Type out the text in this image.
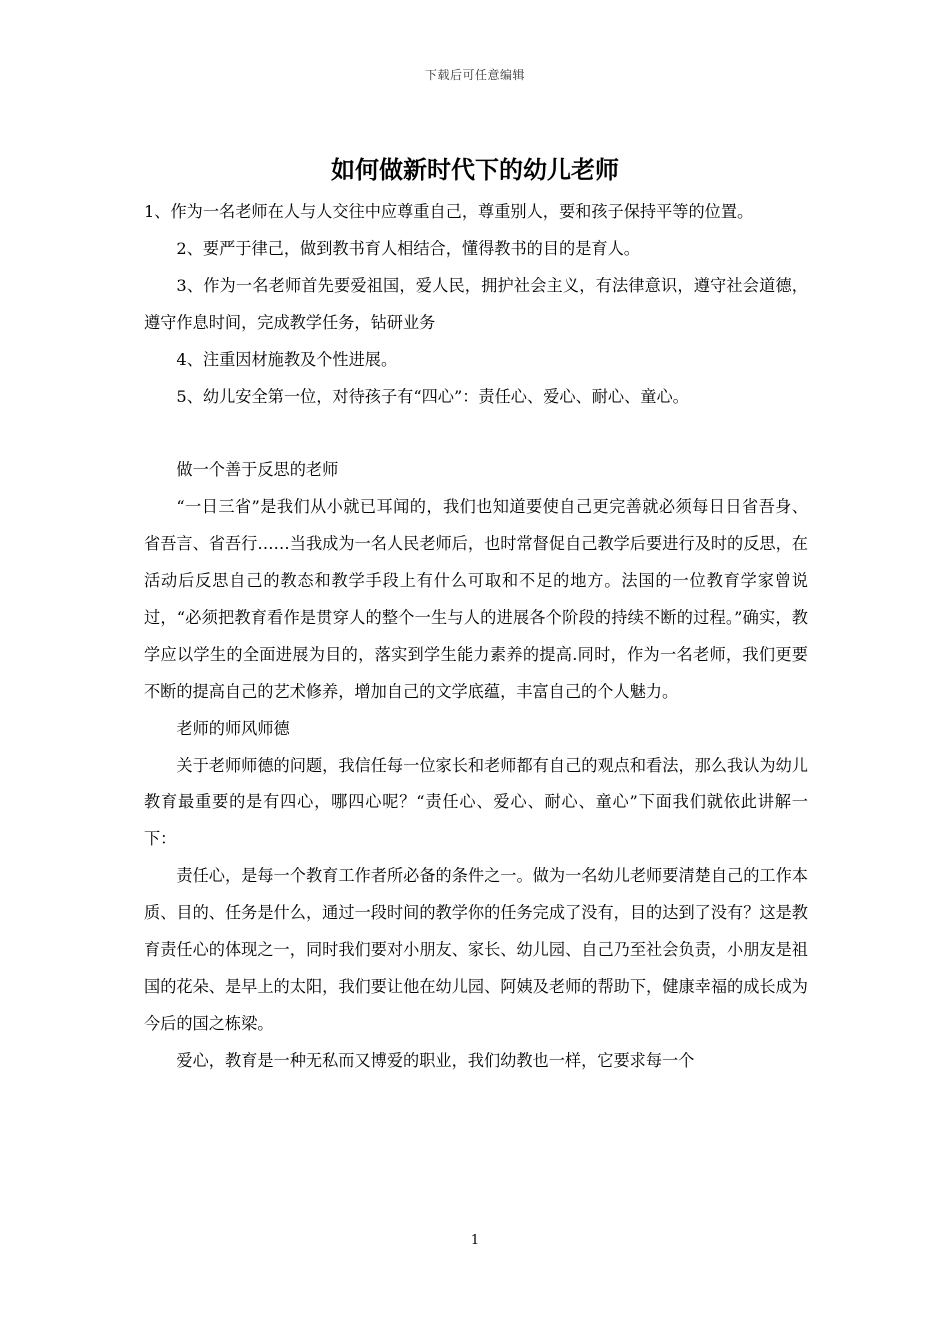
下载后可任意编辑
如何做新时代下的幼儿老师

1、作为一名老师在人与人交往中应尊重自己，尊重别人，要和孩子保持平等的位置。

2、要严于律己，做到教书育人相结合，懂得教书的目的是育人。

3、作为一名老师首先要爱祖国，爱人民，拥护社会主义，有法律意识，遵守社会道德，遵守作息时间，完成教学任务，钻研业务

4、注重因材施教及个性进展。

5、幼儿安全第一位，对待孩子有“四心”：责任心、爱心、耐心、童心。

做一个善于反思的老师

“一日三省”是我们从小就已耳闻的，我们也知道要使自己更完善就必须每日日省吾身、省吾言、省吾行……当我成为一名人民老师后，也时常督促自己教学后要进行及时的反思，在活动后反思自己的教态和教学手段上有什么可取和不足的地方。法国的一位教育学家曾说过，“必须把教育看作是贯穿人的整个一生与人的进展各个阶段的持续不断的过程。”确实，教学应以学生的全面进展为目的，落实到学生能力素养的提高.同时，作为一名老师，我们更要不断的提高自己的艺术修养，增加自己的文学底蕴，丰富自己的个人魅力。

老师的师风师德

关于老师师德的问题，我信任每一位家长和老师都有自己的观点和看法，那么我认为幼儿教育最重要的是有四心，哪四心呢？“责任心、爱心、耐心、童心”下面我们就依此讲解一下：

责任心，是每一个教育工作者所必备的条件之一。做为一名幼儿老师要清楚自己的工作本质、目的、任务是什么，通过一段时间的教学你的任务完成了没有，目的达到了没有？这是教育责任心的体现之一，同时我们要对小朋友、家长、幼儿园、自己乃至社会负责，小朋友是祖国的花朵、是早上的太阳，我们要让他在幼儿园、阿姨及老师的帮助下，健康幸福的成长成为今后的国之栋梁。

爱心，教育是一种无私而又博爱的职业，我们幼教也一样，它要求每一个

1
